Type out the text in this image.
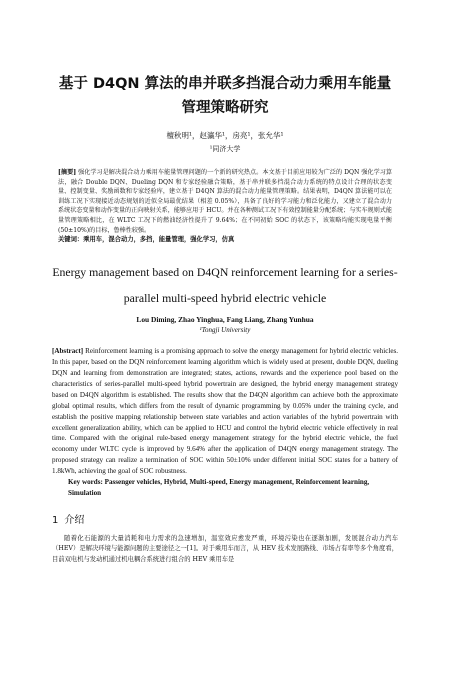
基于 D4QN 算法的串并联多挡混合动力乘用车能量管理策略研究
檀秋明¹，赵瀛华¹，房亮¹，张允华¹
¹同济大学
[摘要] 强化学习是解决混合动力乘用车能量管理问题的一个新的研究热点。本文基于目前应用较为广泛的 DQN 强化学习算法，融合 Double DQN、Dueling DQN 和专家经验融合策略，基于串并联多挡混合动力系统的特点设计合理的状态变量、控制变量、奖励函数和专家经验库，建立基于 D4QN 算法的混合动力能量管理策略。结果表明，D4QN 算法能可以在训练工况下实现接近动态规划的近似全局最优结果（相差 0.05%），具备了良好的学习能力和泛化能力，又建立了混合动力系统状态变量和动作变量的正向映射关系，能够应用于 HCU。并在各种测试工况下有效控制能量分配系统；与实车规则式能量管理策略相比，在 WLTC 工况下的燃油经济性提升了 9.64%；在不同初始 SOC 的状态下，该策略均能实现电量平衡(50±10%)的目标，鲁棒性较强。
关键词：乘用车，混合动力，多挡，能量管理，强化学习，仿真
Energy management based on D4QN reinforcement learning for a series-parallel multi-speed hybrid electric vehicle
Lou Diming, Zhao Yinghua, Fang Liang, Zhang Yunhua
¹Tongji University
[Abstract] Reinforcement learning is a promising approach to solve the energy management for hybrid electric vehicles. In this paper, based on the DQN reinforcement learning algorithm which is widely used at present, double DQN, dueling DQN and learning from demonstration are integrated; states, actions, rewards and the experience pool based on the characteristics of series-parallel multi-speed hybrid powertrain are designed, the hybrid energy management strategy based on D4QN algorithm is established. The results show that the D4QN algorithm can achieve both the approximate global optimal results, which differs from the result of dynamic programming by 0.05% under the training cycle, and establish the positive mapping relationship between state variables and action variables of the hybrid powertrain with excellent generalization ability, which can be applied to HCU and control the hybrid electric vehicle effectively in real time. Compared with the original rule-based energy management strategy for the hybrid electric vehicle, the fuel economy under WLTC cycle is improved by 9.64% after the application of D4QN energy management strategy. The proposed strategy can realize a termination of SOC within 50±10% under different initial SOC states for a battery of 1.8kWh, achieving the goal of SOC robustness.
Key words: Passenger vehicles, Hybrid, Multi-speed, Energy management, Reinforcement learning, Simulation
1 介绍
随着化石能源的大量消耗和电力需求的急速增加，温室效应愈发严重，环境污染也在逐渐加剧，发展混合动力汽车（HEV）是解决环境与能源问题的主要途径之一[1]。对于乘用车而言，从 HEV 技术发展路线、市场占有率等多个角度看，目前双电机与发动机通过机电耦合系统进行组合的 HEV 乘用车是
